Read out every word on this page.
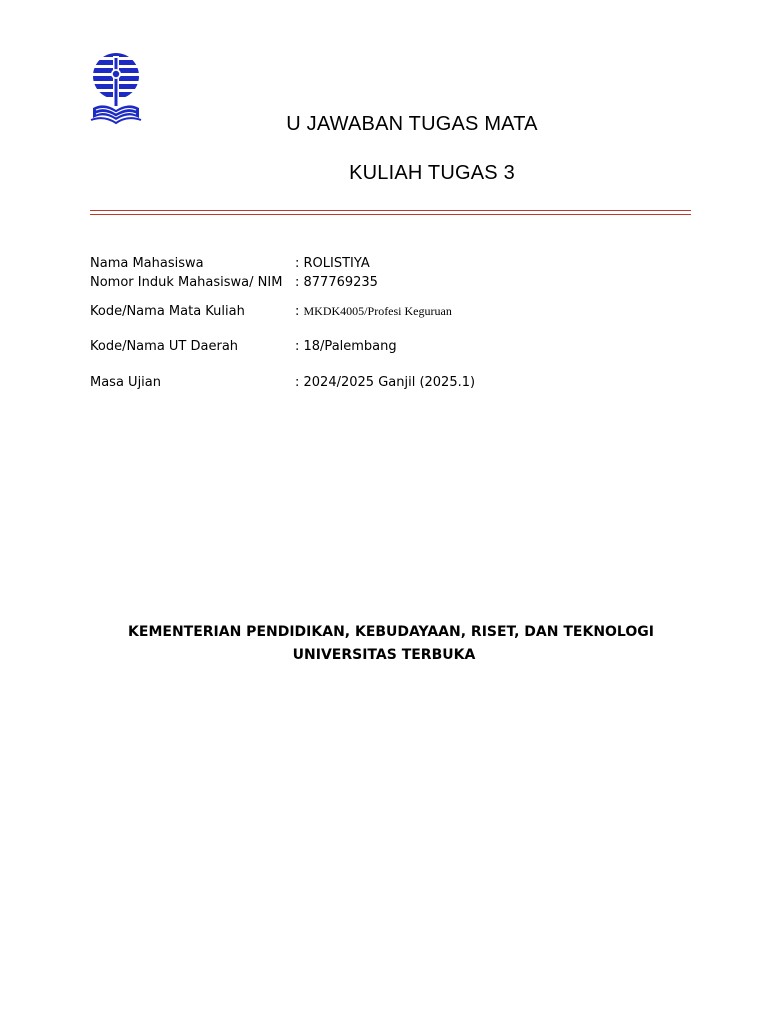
U JAWABAN TUGAS MATA
KULIAH TUGAS 3
Nama Mahasiswa	: ROLISTIYA
Nomor Induk Mahasiswa/ NIM : 877769235
Kode/Nama Mata Kuliah	: MKDK4005/Profesi Keguruan
Kode/Nama UT Daerah	: 18/Palembang
Masa Ujian	: 2024/2025 Ganjil (2025.1)
KEMENTERIAN PENDIDIKAN, KEBUDAYAAN, RISET, DAN TEKNOLOGI
UNIVERSITAS TERBUKA
